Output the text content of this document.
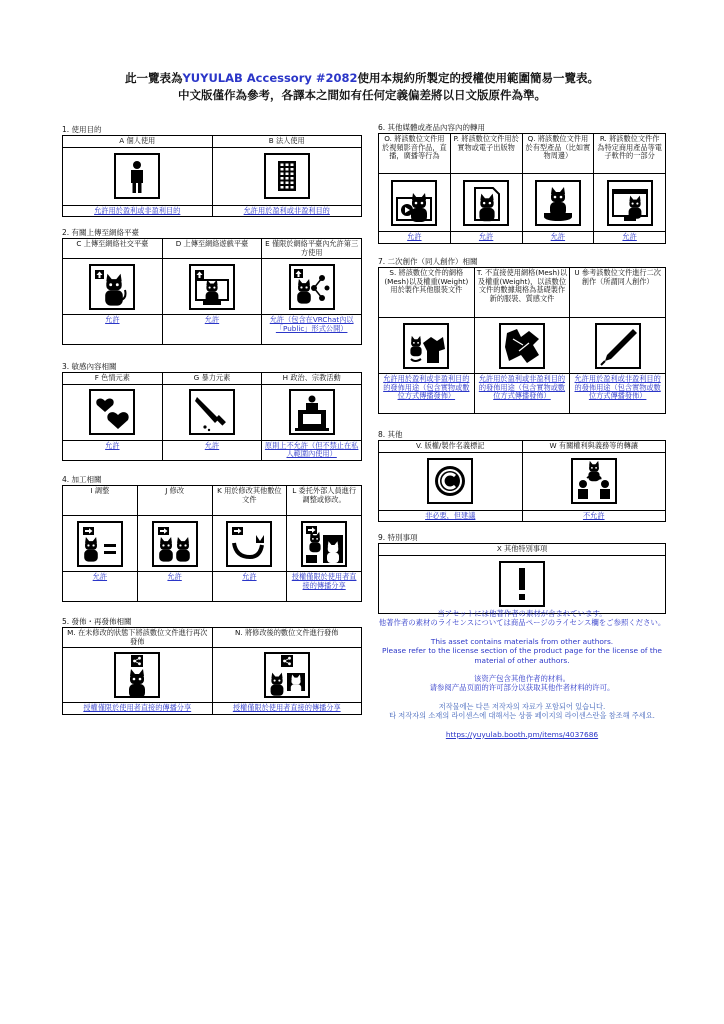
此一覽表為YUYULAB Accessory #2082使用本規約所製定的授權使用範圍簡易一覽表。
中文版僅作為參考，各譯本之間如有任何定義偏差將以日文版原件為準。
1. 使用目的
A 個人使用	B 法人使用

允許用於盈利或非盈利目的	允許用於盈利或非盈利目的
2. 有關上傳至網絡平臺
C 上傳至網絡社交平臺	D 上傳至網絡遊戲平臺	E 僅限於網絡平臺內允許第三方使用

允許	允許	允許（包含在VRChat內以「Public」形式公開）
3. 敏感內容相關
F 色情元素	G 暴力元素	H 政治、宗教活動

允許	允許	原則上不允許（但不禁止在私人範圍內使用）
4. 加工相關
I 調整	J 修改	K 用於修改其他數位文件	L 委托外部人員進行調整或修改。

允許	允許	允許	授權僅限於使用者直接的傳播分享
5. 發佈・再發佈相關
M. 在未修改的狀態下將該數位文件進行再次發佈	N. 將修改後的數位文件進行發佈

授權僅限於使用者直接的傳播分享	授權僅限於使用者直接的傳播分享
6. 其他媒體或產品內容內的轉用
O. 將該數位文件用於視頻影音作品，直播，廣播等行為	P. 將該數位文件用於實物或電子出版物	Q. 將該數位文件用於有型產品（比如實物周邊）	R. 將該數位文件作為特定商用產品等電子軟件的一部分

允許	允許	允許	允許
7. 二次創作（同人創作）相關
S. 將該數位文件的網格(Mesh)以及權重(Weight)用於製作其他服裝文件	T. 不直接使用網格(Mesh)以及權重(Weight)，以該數位文件的數據規格為基礎製作新的服裝、質感文件	U 參考該數位文件進行二次創作（所謂同人創作）

允許用於盈利或非盈利目的的發佈用途（包含實物或數位方式傳播發佈）	允許用於盈利或非盈利目的的發佈用途（包含實物或數位方式傳播發佈）	允許用於盈利或非盈利目的的發佈用途（包含實物或數位方式傳播發佈）
8. 其他
V. 版權/製作名義標記	W 有關權利與義務等的轉讓

非必要，但建議	不允許
9. 特別事項
X 其他特別事項

当アセットには他著作者の素材が含まれています。
他著作者の素材のライセンスについては商品ページのライセンス欄をご参照ください。

This asset contains materials from other authors.
Please refer to the license section of the product page for the license of the material of other authors.

该资产包含其他作者的材料。
请参阅产品页面的许可部分以获取其他作者材料的许可。

저작물에는 다른 저작자의 자료가 포함되어 있습니다.
타 저작자의 소재의 라이센스에 대해서는 상품 페이지의 라이센스란을 참조해 주세요.

https://yuyulab.booth.pm/items/4037686
